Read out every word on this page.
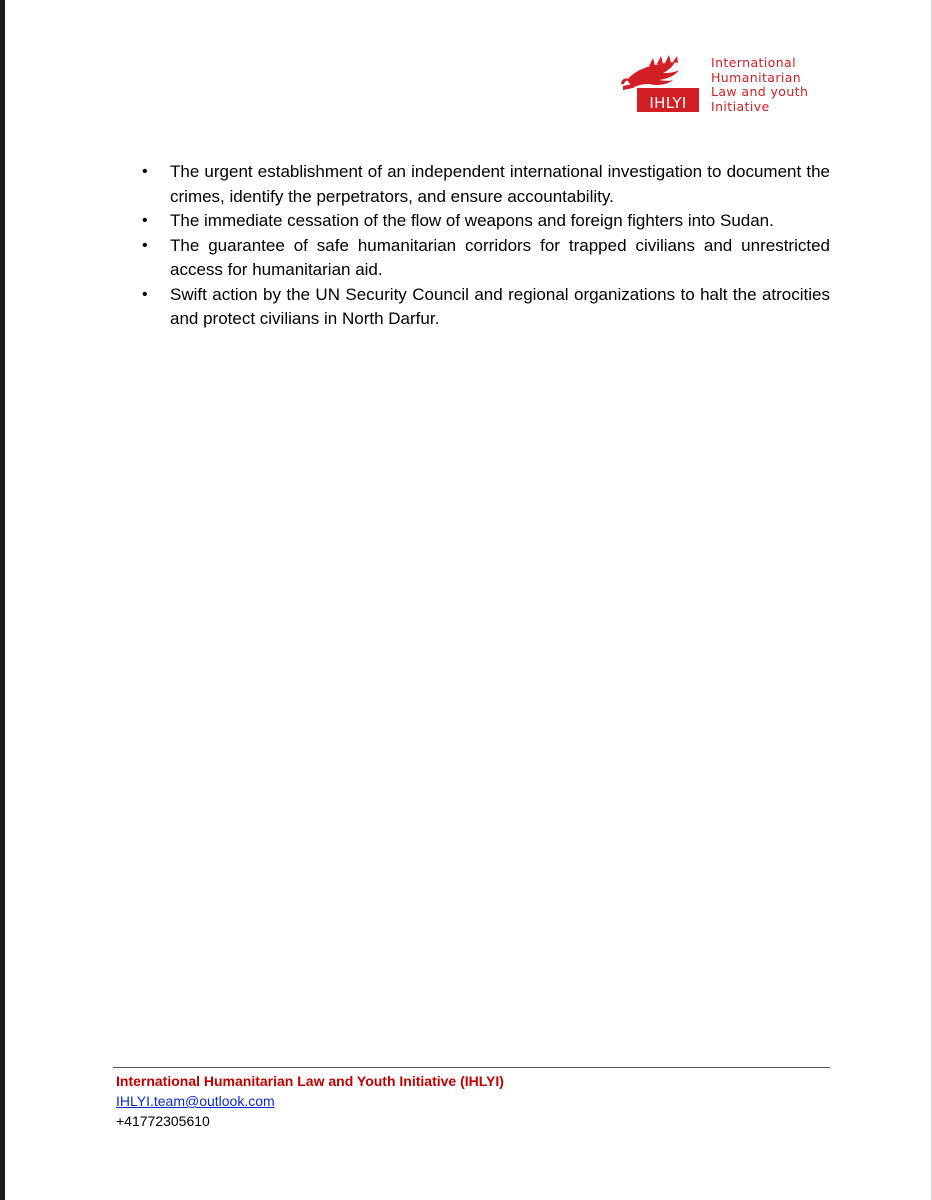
IHLYI
International
Humanitarian
Law and youth
Initiative
• The urgent establishment of an independent international investigation to document the crimes, identify the perpetrators, and ensure accountability.
• The immediate cessation of the flow of weapons and foreign fighters into Sudan.
• The guarantee of safe humanitarian corridors for trapped civilians and unrestricted access for humanitarian aid.
• Swift action by the UN Security Council and regional organizations to halt the atrocities and protect civilians in North Darfur.
International Humanitarian Law and Youth Initiative (IHLYI)
IHLYI.team@outlook.com
+41772305610
